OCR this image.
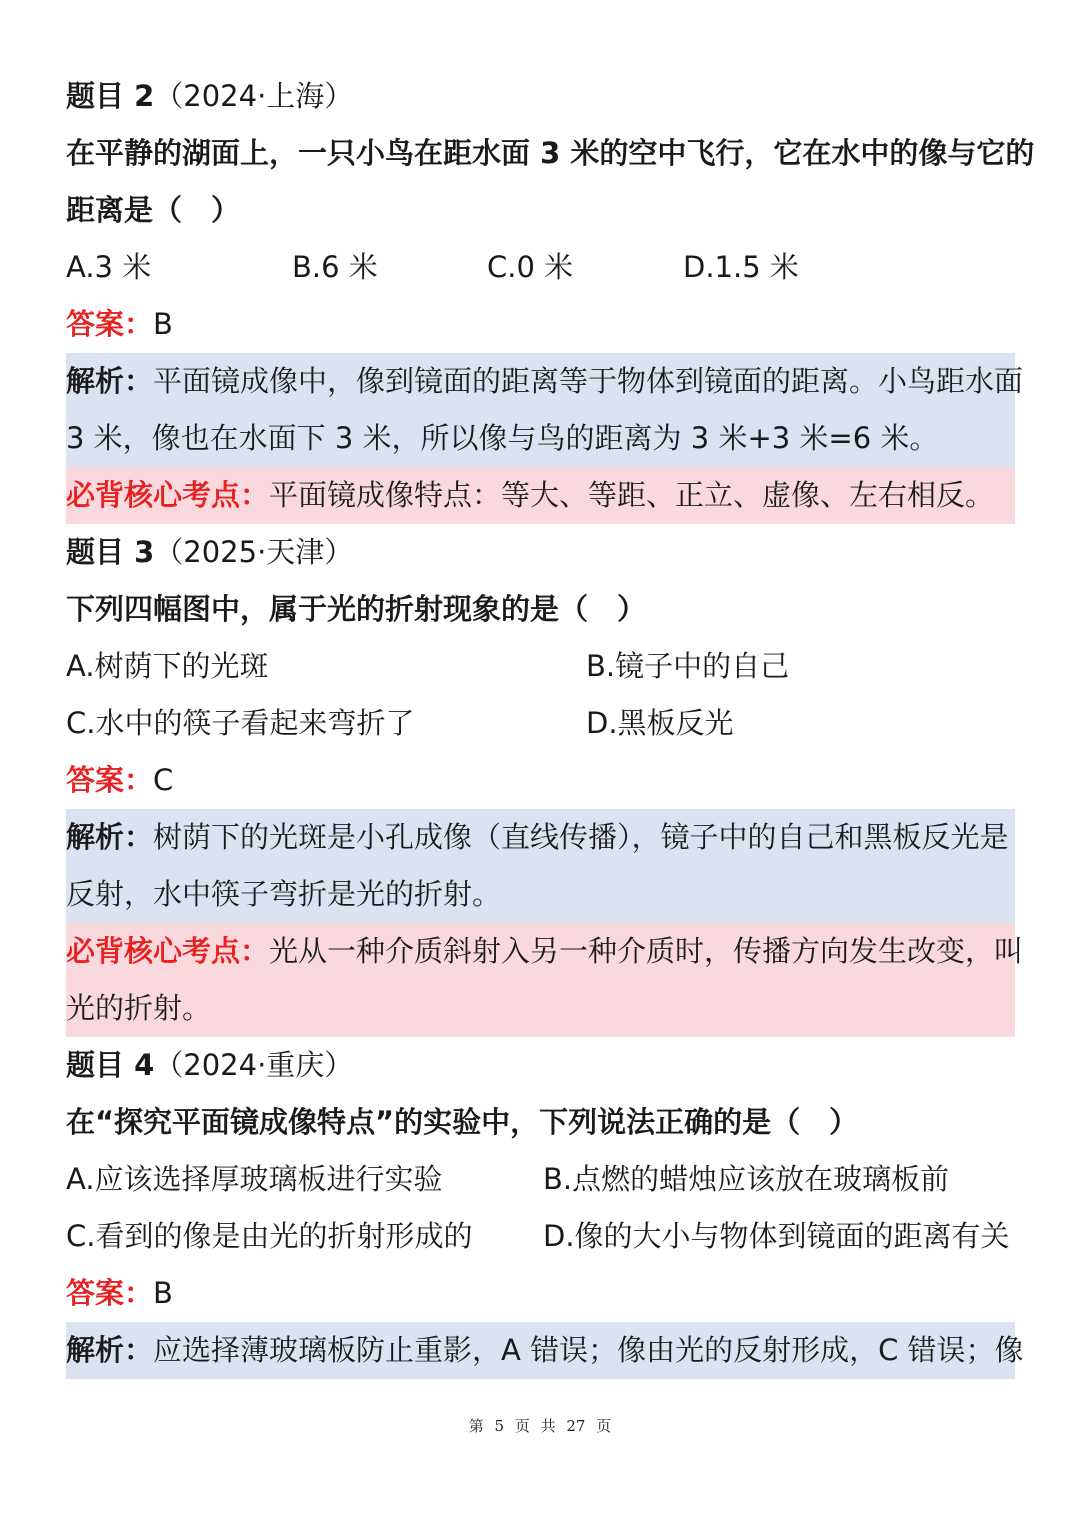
题目 2（2024·上海）
在平静的湖面上，一只小鸟在距水面 3 米的空中飞行，它在水中的像与它的
距离是（　）
A.3 米	B.6 米	C.0 米	D.1.5 米
答案：B
解析：平面镜成像中，像到镜面的距离等于物体到镜面的距离。小鸟距水面
3 米，像也在水面下 3 米，所以像与鸟的距离为 3 米+3 米=6 米。
必背核心考点：平面镜成像特点：等大、等距、正立、虚像、左右相反。
题目 3（2025·天津）
下列四幅图中，属于光的折射现象的是（　）
A.树荫下的光斑	B.镜子中的自己
C.水中的筷子看起来弯折了	D.黑板反光
答案：C
解析：树荫下的光斑是小孔成像（直线传播），镜子中的自己和黑板反光是
反射，水中筷子弯折是光的折射。
必背核心考点：光从一种介质斜射入另一种介质时，传播方向发生改变，叫
光的折射。
题目 4（2024·重庆）
在“探究平面镜成像特点”的实验中，下列说法正确的是（　）
A.应该选择厚玻璃板进行实验	B.点燃的蜡烛应该放在玻璃板前
C.看到的像是由光的折射形成的 D.像的大小与物体到镜面的距离有关
答案：B
解析：应选择薄玻璃板防止重影，A 错误；像由光的反射形成，C 错误；像
第 5 页 共 27 页
